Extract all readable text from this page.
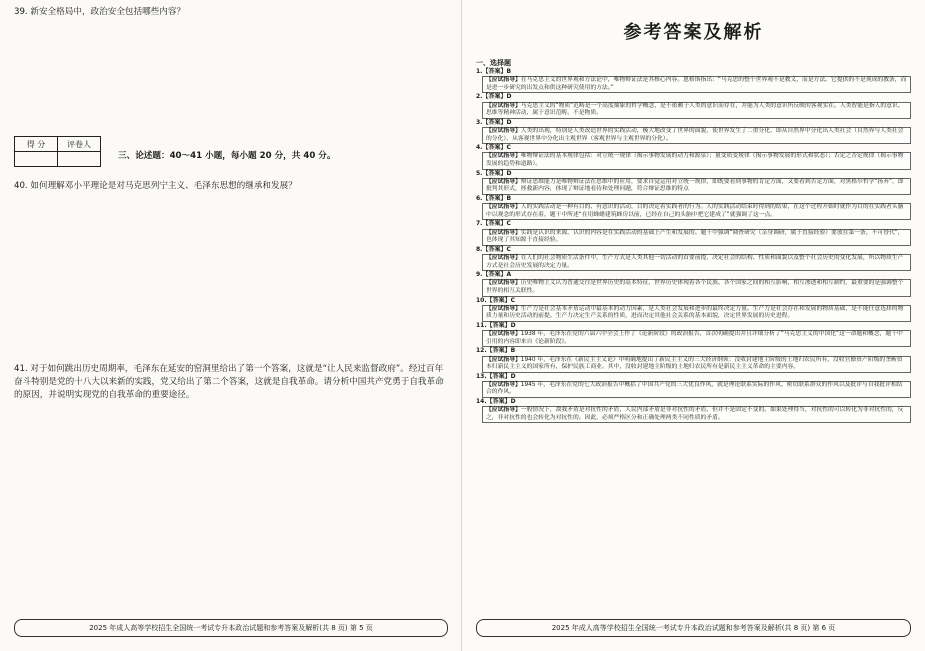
39. 新安全格局中，政治安全包括哪些内容？
得 分	评卷人

三、论述题：40～41 小题，每小题 20 分，共 40 分。
40. 如何理解邓小平理论是对马克思列宁主义、毛泽东思想的继承和发展？
41. 对于如何跳出历史周期率，毛泽东在延安的窑洞里给出了第一个答案，这就是“让人民来监督政府”。经过百年奋斗特别是党的十八大以来新的实践，党又给出了第二个答案，这就是自我革命。请分析中国共产党勇于自我革命的原因，并说明实现党的自我革命的重要途径。
2025 年成人高等学校招生全国统一考试专升本政治试题和参考答案及解析(共 8 页) 第 5 页
参考答案及解析
一、选择题
1.【答案】B
【应试指导】在马克思主义的世界观和方法论中，唯物辩证法是其核心内容。恩格斯指出：“马克思的整个世界观不是教义，而是方法。它提供的不是现成的教条，而是进一步研究的出发点和供这种研究使用的方法。”
2.【答案】D
【应试指导】马克思主义的“物质”范畴是一个高度抽象的哲学概念，是不依赖于人类的意识而存在，并能为人类的意识所反映的客观实在。人类智能是指人的意识、思维等精神活动，属于意识范畴，不是物质。
3.【答案】D
【应试指导】人类的出现，特别是人类改造世界的实践活动，极大地改变了世界的面貌，使世界发生了二重分化，即从自然界中分化出人类社会（自然界与人类社会的分化），从客观世界中分化出主观世界（客观世界与主观世界的分化）。
4.【答案】C
【应试指导】唯物辩证法的基本规律包括：对立统一规律（揭示事物发展的动力和源泉）；量变质变规律（揭示事物发展的形式和状态）；否定之否定规律（揭示事物发展的趋势和道路）。
5.【答案】D
【应试指导】辩证思维能力是唯物辩证法在思维中的应用，要求自觉运用对立统一规律，即既要看到事物的肯定方面，又要看到否定方面，对黑格尔哲学“扬弃”，即批判其形式，拯救新内容，体现了辩证地看待和处理问题，符合辩证思维的特点
6.【答案】B
【应试指导】人的实践活动是一种有目的、有意识的活动，目的决定着实践者的行为。人的实践活动结束时得到的结果，在这个过程开始时就作为目的在实践者头脑中以观念的形式存在着，题干中所述“在用蜂蜡建筑蜂房以前，已经在自己的头脑中把它建成了”就强调了这一点。
7.【答案】C
【应试指导】实践是认识的来源，认识的内容是在实践活动的基础上产生和发展的。题干中强调“调查研究（亲身调研，属于直接经验）要放在第一条，不可替代”，也体现了其知源于直接经验。
8.【答案】C
【应试指导】在人们的社会物质生活条件中，生产方式是人类其他一切活动的首要前提，决定社会的结构、性质和面貌以及整个社会历史的变化发展，所以物质生产方式是社会历史发展的决定力量。
9.【答案】A
【应试指导】历史唯物主义认为普通交往是世界历史的基本特征，世界历史体现着各个民族、各个国家之间的相互影响、相互渗透和相互制约，最重要的是强调整个世界的相互关联性。
10.【答案】C
【应试指导】生产力是社会基本矛盾运动中最基本的动力因素，是人类社会发展和进步的最终决定力量。生产力是社会存在和发展的物质基础，是不能任意选择的物质力量和历史活动的前提。生产力决定生产关系的性质，进而决定其他社会关系的基本面貌，决定世界发展的历史进程。
11.【答案】D
【应试指导】1938 年，毛泽东在党的六届六中全会上作了《论新阶段》的政治报告，首次明确提出并且详细分析了“马克思主义的中国化”这一命题和概念，题干中引用的内容即来自《论新阶段》。
12.【答案】B
【应试指导】1940 年，毛泽东在《新民主主义论》中明确地提出了新民主主义的三大经济纲领：没收封建地主阶级的土地归农民所有，没收官僚资产阶级的垄断资本归新民主主义的国家所有，保护民族工商业。其中，没收封建地主阶级的土地归农民所有是新民主主义革命的主要内容。
13.【答案】D
【应试指导】1945 年，毛泽东在党的七大政治报告中概括了中国共产党的三大优良作风，就是理论联系实际的作风、密切联系群众的作风以及批评与自我批评相结合的作风。
14.【答案】D
【应试指导】一般情况下，敌我矛盾是对抗性的矛盾，人民内部矛盾是非对抗性的矛盾，但并不是固定不变的。如果处理得当，对抗性的可以转化为非对抗性的，反之，非对抗性的也会转化为对抗性的。因此，必须严格区分和正确处理两类不同性质的矛盾。
2025 年成人高等学校招生全国统一考试专升本政治试题和参考答案及解析(共 8 页) 第 6 页
